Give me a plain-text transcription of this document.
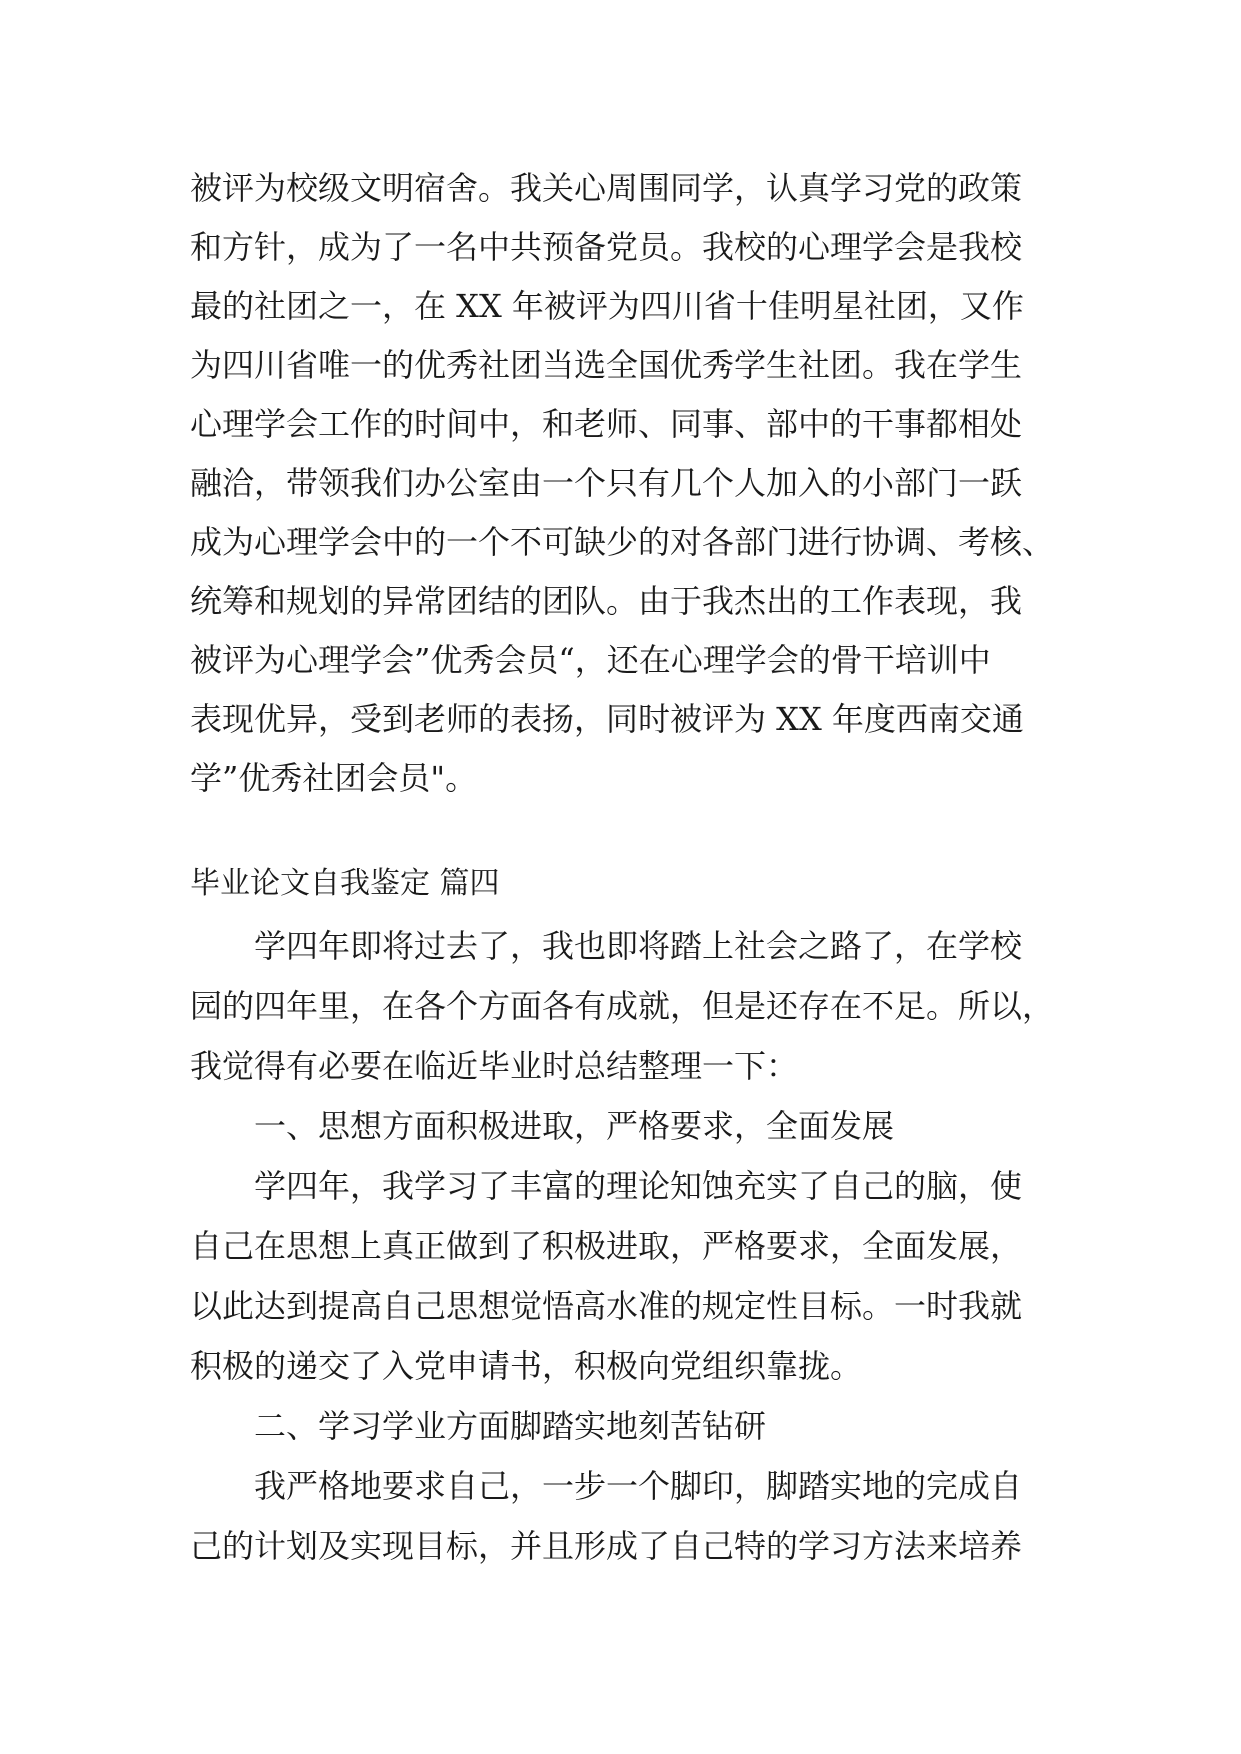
被评为校级文明宿舍。我关心周围同学，认真学习党的政策
和方针，成为了一名中共预备党员。我校的心理学会是我校
最的社团之一，在 XX 年被评为四川省十佳明星社团，又作
为四川省唯一的优秀社团当选全国优秀学生社团。我在学生
心理学会工作的时间中，和老师、同事、部中的干事都相处
融洽，带领我们办公室由一个只有几个人加入的小部门一跃
成为心理学会中的一个不可缺少的对各部门进行协调、考核、
统筹和规划的异常团结的团队。由于我杰出的工作表现，我
被评为心理学会”优秀会员“，还在心理学会的骨干培训中
表现优异，受到老师的表扬，同时被评为 XX 年度西南交通
学”优秀社团会员"。
毕业论文自我鉴定 篇四
学四年即将过去了，我也即将踏上社会之路了，在学校
园的四年里，在各个方面各有成就，但是还存在不足。所以，
我觉得有必要在临近毕业时总结整理一下：
一、思想方面积极进取，严格要求，全面发展
学四年，我学习了丰富的理论知蚀充实了自己的脑，使
自己在思想上真正做到了积极进取，严格要求，全面发展，
以此达到提高自己思想觉悟高水准的规定性目标。一时我就
积极的递交了入党申请书，积极向党组织靠拢。
二、学习学业方面脚踏实地刻苦钻研
我严格地要求自己，一步一个脚印，脚踏实地的完成自
己的计划及实现目标，并且形成了自己特的学习方法来培养
